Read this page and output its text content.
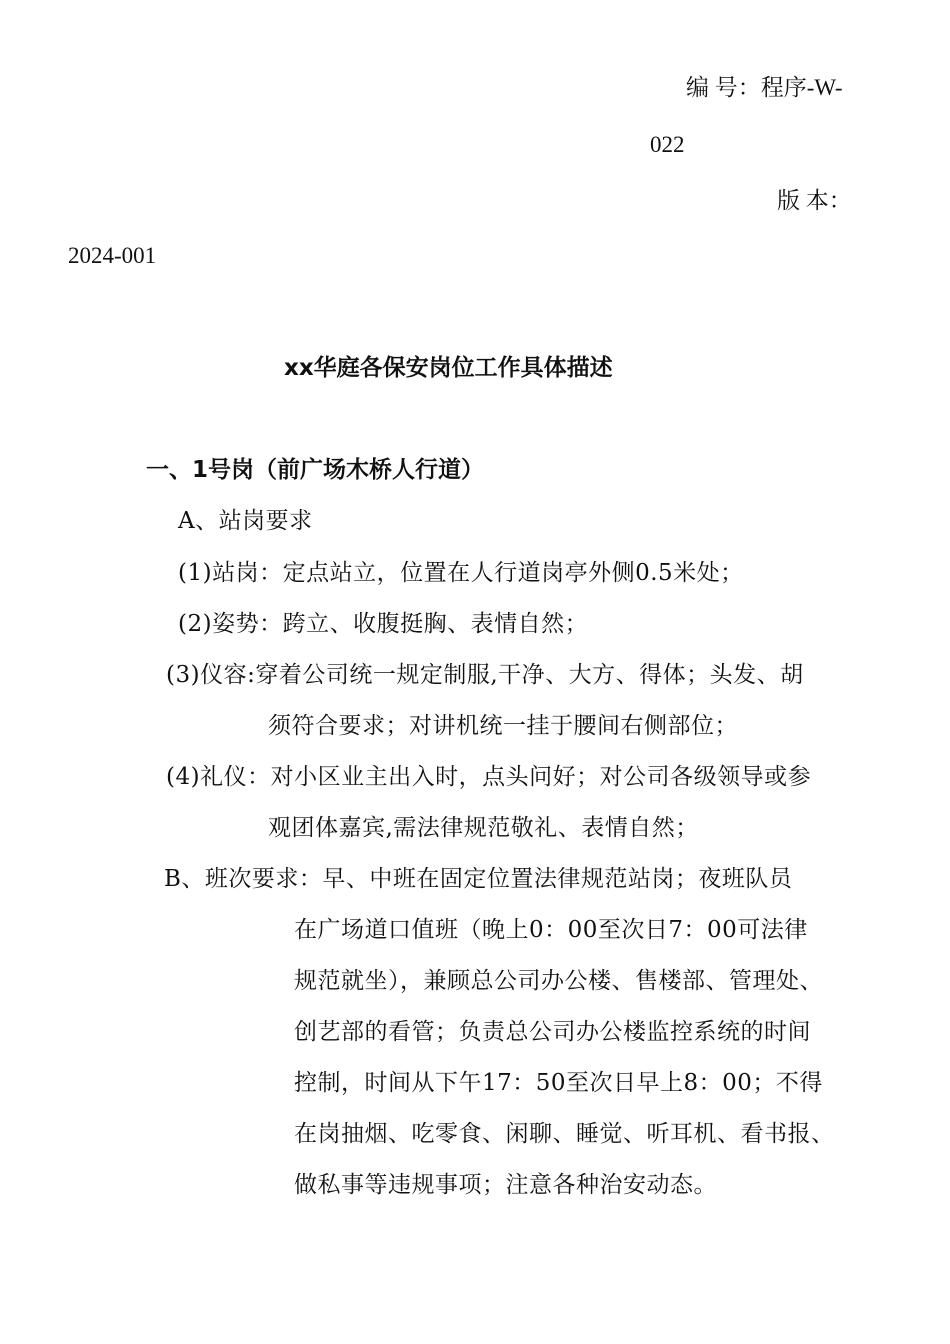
编 号：程序-W-
022
版 本：
2024-001
xx华庭各保安岗位工作具体描述
一、1号岗（前广场木桥人行道）
A、站岗要求
(1)站岗：定点站立，位置在人行道岗亭外侧0.5米处；
(2)姿势：跨立、收腹挺胸、表情自然；
(3)仪容:穿着公司统一规定制服,干净、大方、得体；头发、胡
须符合要求；对讲机统一挂于腰间右侧部位；
(4)礼仪：对小区业主出入时，点头问好；对公司各级领导或参
观团体嘉宾,需法律规范敬礼、表情自然；
B、班次要求：早、中班在固定位置法律规范站岗；夜班队员
在广场道口值班（晚上0：00至次日7：00可法律
规范就坐），兼顾总公司办公楼、售楼部、管理处、
创艺部的看管；负责总公司办公楼监控系统的时间
控制，时间从下午17：50至次日早上8：00；不得
在岗抽烟、吃零食、闲聊、睡觉、听耳机、看书报、
做私事等违规事项；注意各种治安动态。
